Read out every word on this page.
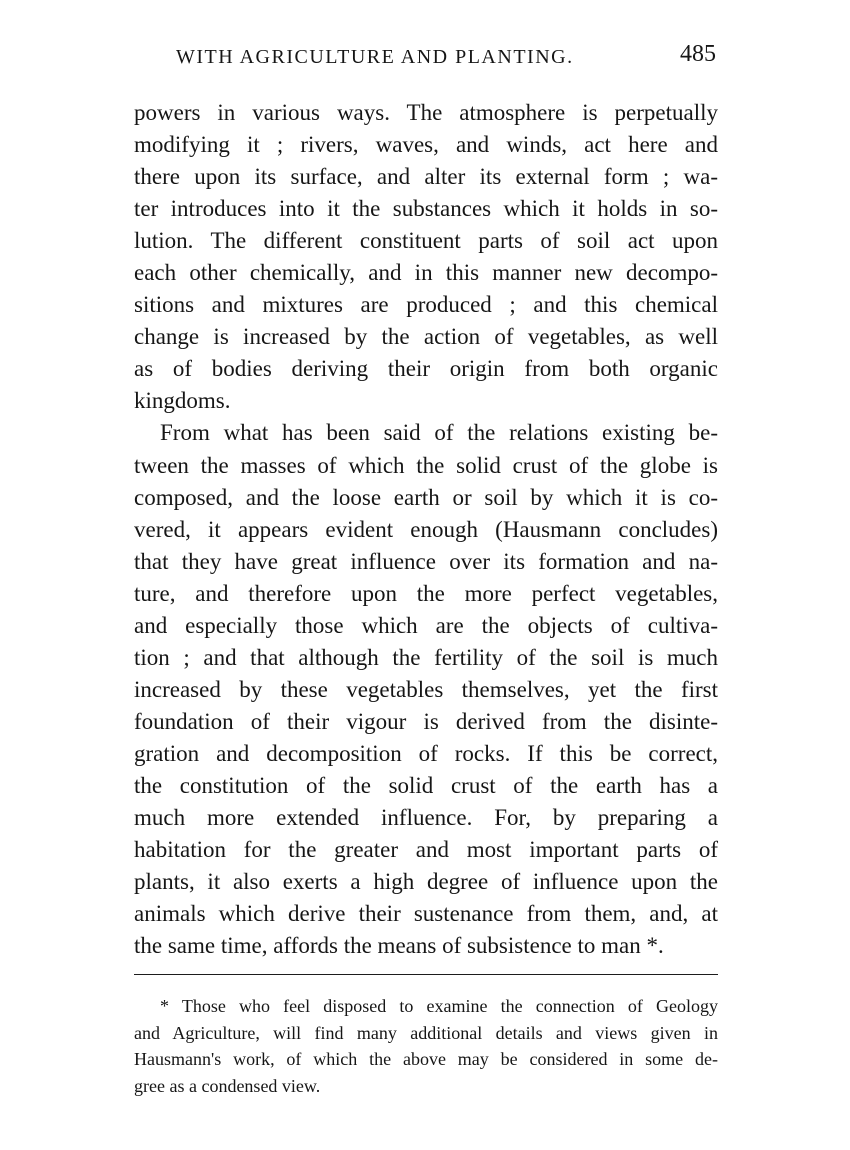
WITH AGRICULTURE AND PLANTING.	485
powers in various ways. The atmosphere is perpetually
modifying it ; rivers, waves, and winds, act here and
there upon its surface, and alter its external form ; wa-
ter introduces into it the substances which it holds in so-
lution. The different constituent parts of soil act upon
each other chemically, and in this manner new decompo-
sitions and mixtures are produced ; and this chemical
change is increased by the action of vegetables, as well
as of bodies deriving their origin from both organic
kingdoms.
From what has been said of the relations existing be-
tween the masses of which the solid crust of the globe is
composed, and the loose earth or soil by which it is co-
vered, it appears evident enough (Hausmann concludes)
that they have great influence over its formation and na-
ture, and therefore upon the more perfect vegetables,
and especially those which are the objects of cultiva-
tion ; and that although the fertility of the soil is much
increased by these vegetables themselves, yet the first
foundation of their vigour is derived from the disinte-
gration and decomposition of rocks. If this be correct,
the constitution of the solid crust of the earth has a
much more extended influence. For, by preparing a
habitation for the greater and most important parts of
plants, it also exerts a high degree of influence upon the
animals which derive their sustenance from them, and, at
the same time, affords the means of subsistence to man *.
* Those who feel disposed to examine the connection of Geology
and Agriculture, will find many additional details and views given in
Hausmann's work, of which the above may be considered in some de-
gree as a condensed view.
